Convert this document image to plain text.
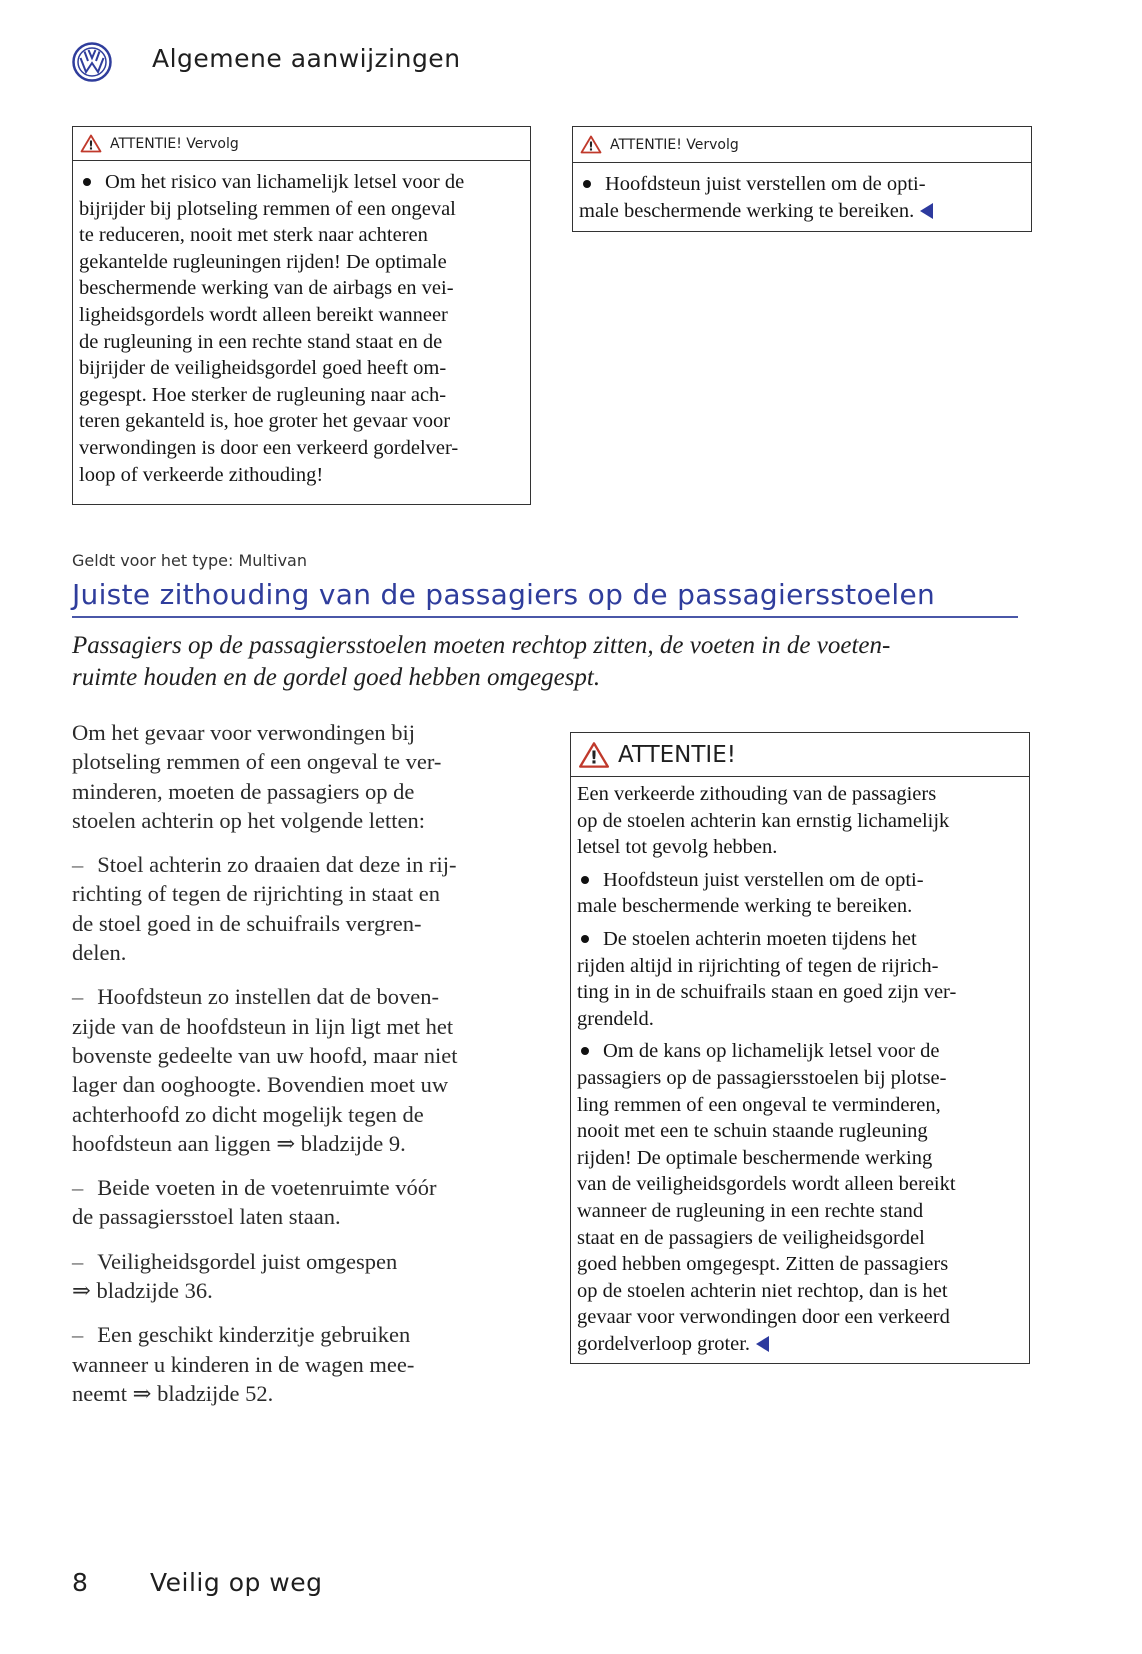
Algemene aanwijzingen
! ATTENTIE! Vervolg
Om het risico van lichamelijk letsel voor de
bijrijder bij plotseling remmen of een ongeval
te reduceren, nooit met sterk naar achteren
gekantelde rugleuningen rijden! De optimale
beschermende werking van de airbags en vei-
ligheidsgordels wordt alleen bereikt wanneer
de rugleuning in een rechte stand staat en de
bijrijder de veiligheidsgordel goed heeft om-
gegespt. Hoe sterker de rugleuning naar ach-
teren gekanteld is, hoe groter het gevaar voor
verwondingen is door een verkeerd gordelver-
loop of verkeerde zithouding!
! ATTENTIE! Vervolg
Hoofdsteun juist verstellen om de opti-
male beschermende werking te bereiken.
Geldt voor het type: Multivan
Juiste zithouding van de passagiers op de passagiersstoelen
Passagiers op de passagiersstoelen moeten rechtop zitten, de voeten in de voeten-
ruimte houden en de gordel goed hebben omgegespt.

Om het gevaar voor verwondingen bij
plotseling remmen of een ongeval te ver-
minderen, moeten de passagiers op de
stoelen achterin op het volgende letten:

– Stoel achterin zo draaien dat deze in rij-
richting of tegen de rijrichting in staat en
de stoel goed in de schuifrails vergren-
delen.

– Hoofdsteun zo instellen dat de boven-
zijde van de hoofdsteun in lijn ligt met het
bovenste gedeelte van uw hoofd, maar niet
lager dan ooghoogte. Bovendien moet uw
achterhoofd zo dicht mogelijk tegen de
hoofdsteun aan liggen ⇒ bladzijde 9.

– Beide voeten in de voetenruimte vóór
de passagiersstoel laten staan.

– Veiligheidsgordel juist omgespen
⇒ bladzijde 36.

– Een geschikt kinderzitje gebruiken
wanneer u kinderen in de wagen mee-
neemt ⇒ bladzijde 52.

! ATTENTIE!
Een verkeerde zithouding van de passagiers
op de stoelen achterin kan ernstig lichamelijk
letsel tot gevolg hebben.
Hoofdsteun juist verstellen om de opti-
male beschermende werking te bereiken.
De stoelen achterin moeten tijdens het
rijden altijd in rijrichting of tegen de rijrich-
ting in in de schuifrails staan en goed zijn ver-
grendeld.
Om de kans op lichamelijk letsel voor de
passagiers op de passagiersstoelen bij plotse-
ling remmen of een ongeval te verminderen,
nooit met een te schuin staande rugleuning
rijden! De optimale beschermende werking
van de veiligheidsgordels wordt alleen bereikt
wanneer de rugleuning in een rechte stand
staat en de passagiers de veiligheidsgordel
goed hebben omgegespt. Zitten de passagiers
op de stoelen achterin niet rechtop, dan is het
gevaar voor verwondingen door een verkeerd
gordelverloop groter.
8 Veilig op weg
